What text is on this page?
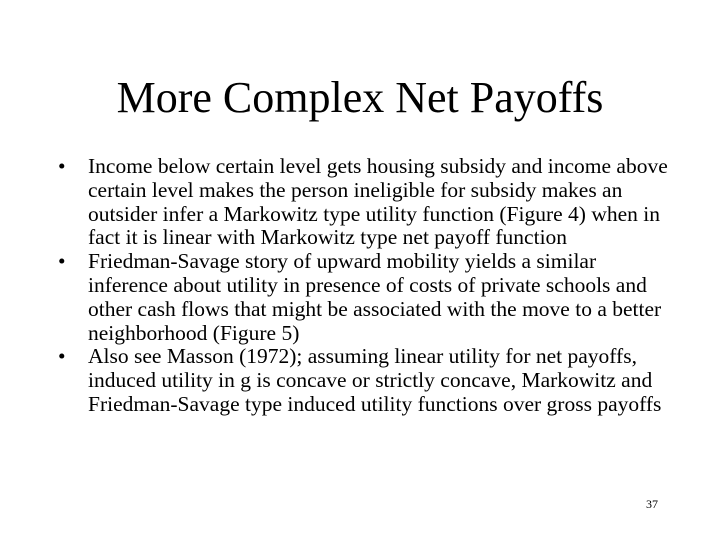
More Complex Net Payoffs
•	Income below certain level gets housing subsidy and income above certain level makes the person ineligible for subsidy makes an outsider infer a Markowitz type utility function (Figure 4) when in fact it is linear with Markowitz type net payoff function
•	Friedman-Savage story of upward mobility yields a similar inference about utility in presence of costs of private schools and other cash flows that might be associated with the move to a better neighborhood (Figure 5)
•	Also see Masson (1972); assuming linear utility for net payoffs, induced utility in g is concave or strictly concave, Markowitz and Friedman-Savage type induced utility functions over gross payoffs
37
